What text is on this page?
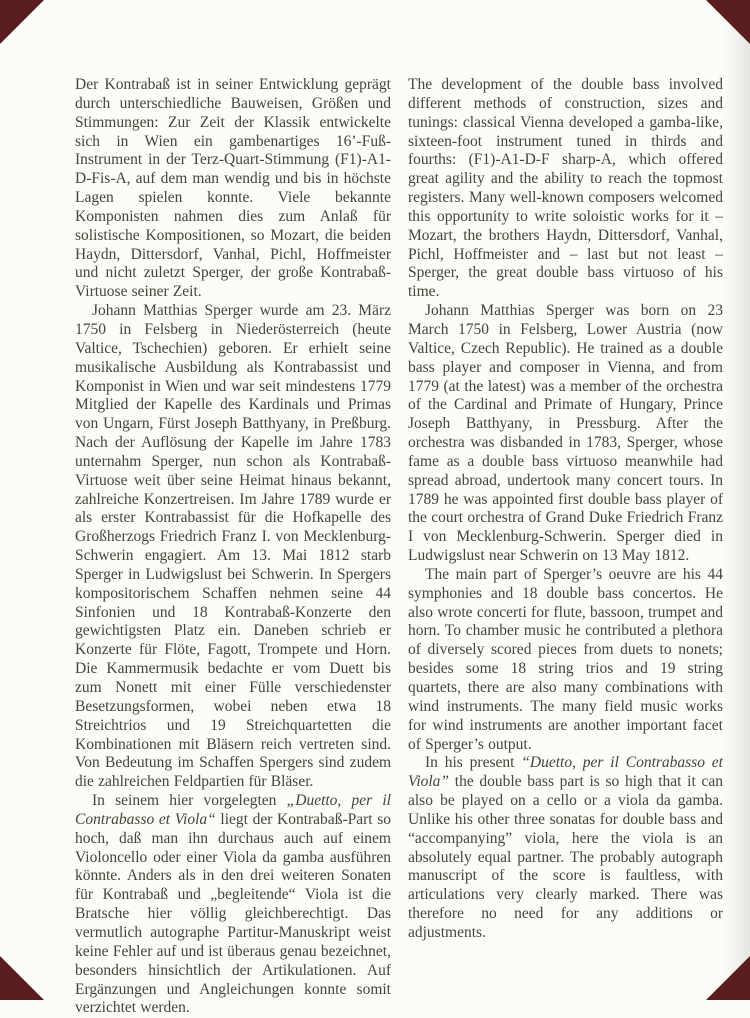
Der Kontrabaß ist in seiner Entwicklung geprägt durch unterschiedliche Bauweisen, Größen und Stimmungen: Zur Zeit der Klassik entwickelte sich in Wien ein gambenartiges 16’-Fuß-Instrument in der Terz-Quart-Stimmung (F1)-A1-D-Fis-A, auf dem man wendig und bis in höchste Lagen spielen konnte. Viele bekannte Komponisten nahmen dies zum Anlaß für solistische Kompositionen, so Mozart, die beiden Haydn, Dittersdorf, Vanhal, Pichl, Hoffmeister und nicht zuletzt Sperger, der große Kontrabaß-Virtuose seiner Zeit.

Johann Matthias Sperger wurde am 23. März 1750 in Felsberg in Niederösterreich (heute Valtice, Tschechien) geboren. Er erhielt seine musikalische Ausbildung als Kontrabassist und Komponist in Wien und war seit mindestens 1779 Mitglied der Kapelle des Kardinals und Primas von Ungarn, Fürst Joseph Batthyany, in Preßburg. Nach der Auflösung der Kapelle im Jahre 1783 unternahm Sperger, nun schon als Kontrabaß-Virtuose weit über seine Heimat hinaus bekannt, zahlreiche Konzertreisen. Im Jahre 1789 wurde er als erster Kontrabassist für die Hofkapelle des Großherzogs Friedrich Franz I. von Mecklenburg-Schwerin engagiert. Am 13. Mai 1812 starb Sperger in Ludwigslust bei Schwerin. In Spergers kompositorischem Schaffen nehmen seine 44 Sinfonien und 18 Kontrabaß-Konzerte den gewichtigsten Platz ein. Daneben schrieb er Konzerte für Flöte, Fagott, Trompete und Horn. Die Kammermusik bedachte er vom Duett bis zum Nonett mit einer Fülle verschiedenster Besetzungsformen, wobei neben etwa 18 Streichtrios und 19 Streichquartetten die Kombinationen mit Bläsern reich vertreten sind. Von Bedeutung im Schaffen Spergers sind zudem die zahlreichen Feldpartien für Bläser.

In seinem hier vorgelegten „Duetto, per il Contrabasso et Viola“ liegt der Kontrabaß-Part so hoch, daß man ihn durchaus auch auf einem Violoncello oder einer Viola da gamba ausführen könnte. Anders als in den drei weiteren Sonaten für Kontrabaß und „begleitende“ Viola ist die Bratsche hier völlig gleichberechtigt. Das vermutlich autographe Partitur-Manuskript weist keine Fehler auf und ist überaus genau bezeichnet, besonders hinsichtlich der Artikulationen. Auf Ergänzungen und Angleichungen konnte somit verzichtet werden.

The development of the double bass involved different methods of construction, sizes and tunings: classical Vienna developed a gamba-like, sixteen-foot instrument tuned in thirds and fourths: (F1)-A1-D-F sharp-A, which offered great agility and the ability to reach the topmost registers. Many well-known composers welcomed this opportunity to write soloistic works for it – Mozart, the brothers Haydn, Dittersdorf, Vanhal, Pichl, Hoffmeister and – last but not least – Sperger, the great double bass virtuoso of his time.

Johann Matthias Sperger was born on 23 March 1750 in Felsberg, Lower Austria (now Valtice, Czech Republic). He trained as a double bass player and composer in Vienna, and from 1779 (at the latest) was a member of the orchestra of the Cardinal and Primate of Hungary, Prince Joseph Batthyany, in Pressburg. After the orchestra was disbanded in 1783, Sperger, whose fame as a double bass virtuoso meanwhile had spread abroad, undertook many concert tours. In 1789 he was appointed first double bass player of the court orchestra of Grand Duke Friedrich Franz I von Mecklenburg-Schwerin. Sperger died in Ludwigslust near Schwerin on 13 May 1812.

The main part of Sperger’s oeuvre are his 44 symphonies and 18 double bass concertos. He also wrote concerti for flute, bassoon, trumpet and horn. To chamber music he contributed a plethora of diversely scored pieces from duets to nonets; besides some 18 string trios and 19 string quartets, there are also many combinations with wind instruments. The many field music works for wind instruments are another important facet of Sperger’s output.

In his present “Duetto, per il Contrabasso et Viola” the double bass part is so high that it can also be played on a cello or a viola da gamba. Unlike his other three sonatas for double bass and “accompanying” viola, here the viola is an absolutely equal partner. The probably autograph manuscript of the score is faultless, with articulations very clearly marked. There was therefore no need for any additions or adjustments.
